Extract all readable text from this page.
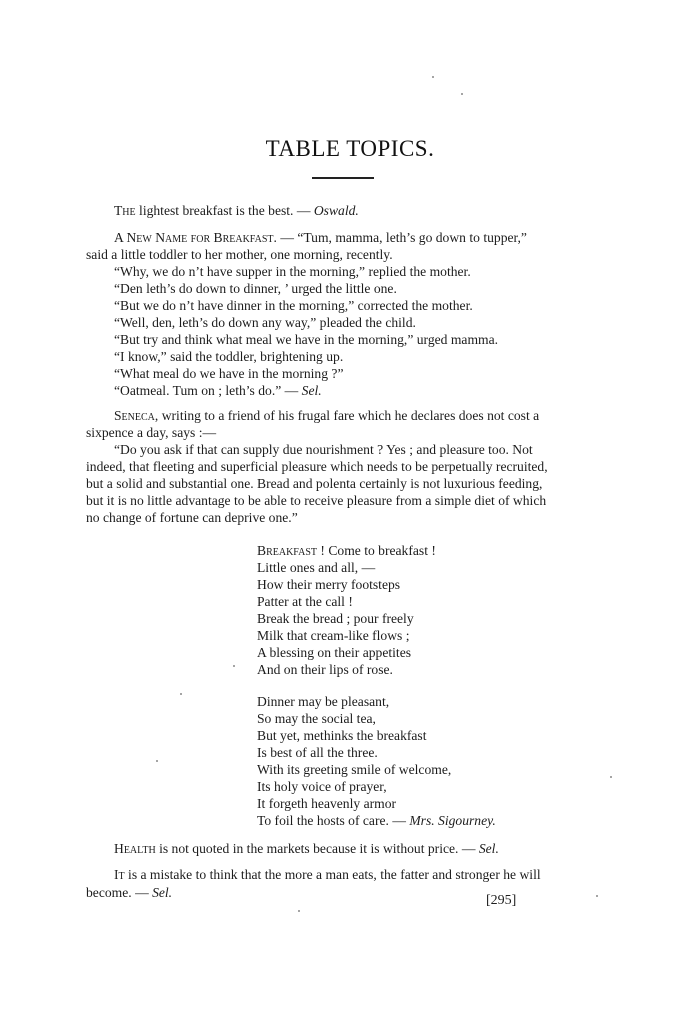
TABLE TOPICS.
The lightest breakfast is the best. — Oswald.
A New Name for Breakfast. — “Tum, mamma, leth’s go down to tupper,”
said a little toddler to her mother, one morning, recently.
“Why, we do n’t have supper in the morning,” replied the mother.
“Den leth’s do down to dinner, ’ urged the little one.
“But we do n’t have dinner in the morning,” corrected the mother.
“Well, den, leth’s do down any way,” pleaded the child.
“But try and think what meal we have in the morning,” urged mamma.
“I know,” said the toddler, brightening up.
“What meal do we have in the morning ?”
“Oatmeal. Tum on ; leth’s do.” — Sel.
Seneca, writing to a friend of his frugal fare which he declares does not cost a
sixpence a day, says :—
“Do you ask if that can supply due nourishment ? Yes ; and pleasure too. Not
indeed, that fleeting and superficial pleasure which needs to be perpetually recruited,
but a solid and substantial one. Bread and polenta certainly is not luxurious feeding,
but it is no little advantage to be able to receive pleasure from a simple diet of which
no change of fortune can deprive one.”
Breakfast ! Come to breakfast !
Little ones and all, —
How their merry footsteps
Patter at the call !
Break the bread ; pour freely
Milk that cream-like flows ;
A blessing on their appetites
And on their lips of rose.
Dinner may be pleasant,
So may the social tea,
But yet, methinks the breakfast
Is best of all the three.
With its greeting smile of welcome,
Its holy voice of prayer,
It forgeth heavenly armor
To foil the hosts of care. — Mrs. Sigourney.
Health is not quoted in the markets because it is without price. — Sel.
It is a mistake to think that the more a man eats, the fatter and stronger he will
become. — Sel.
[295]
